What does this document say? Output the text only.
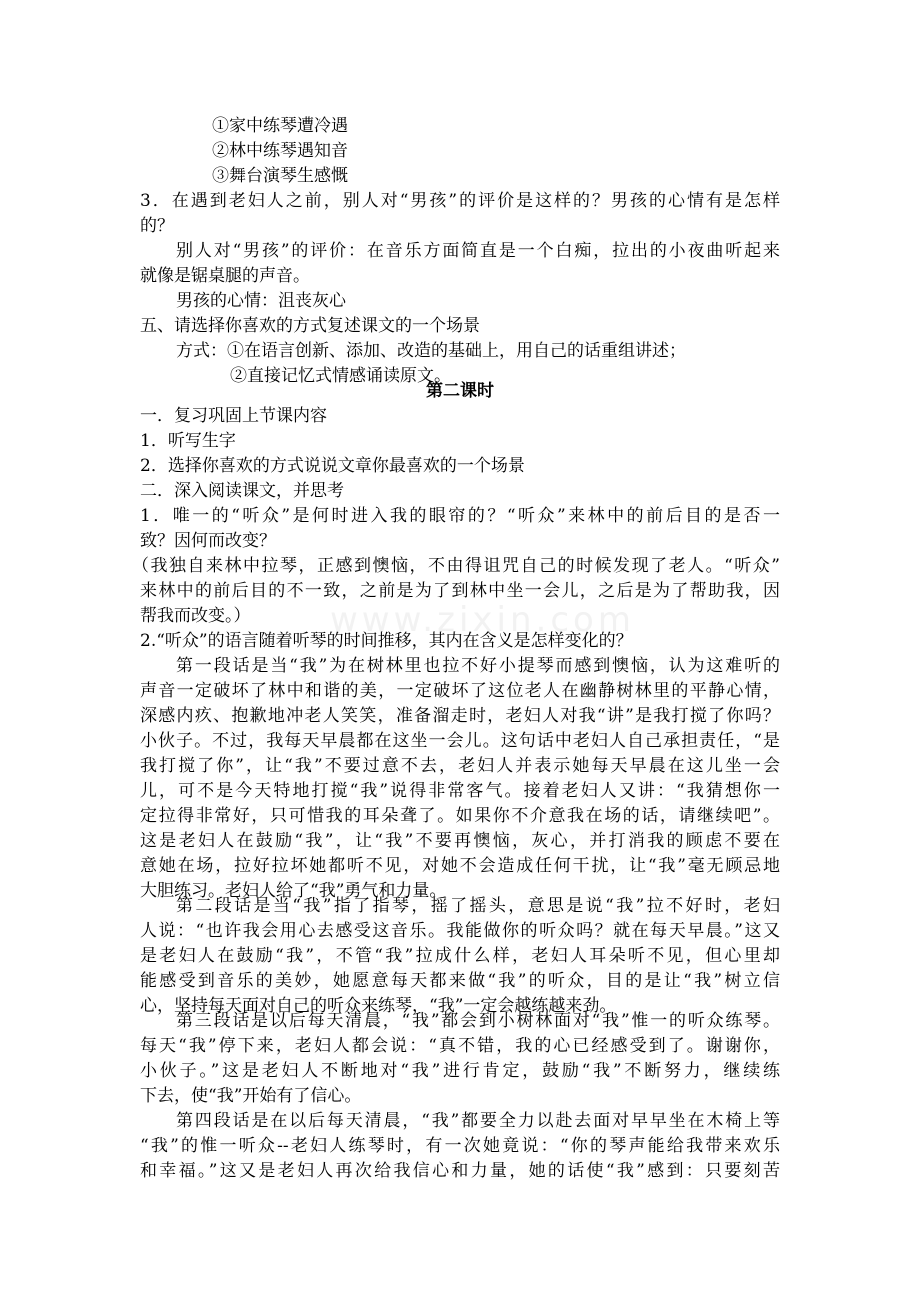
www.zixin.com
①家中练琴遭冷遇
②林中练琴遇知音
③舞台演琴生感慨
3．在遇到老妇人之前，别人对“男孩”的评价是这样的？男孩的心情有是怎样
的？
别人对“男孩”的评价：在音乐方面简直是一个白痴，拉出的小夜曲听起来
就像是锯桌腿的声音。
男孩的心情：沮丧灰心
五、请选择你喜欢的方式复述课文的一个场景
方式：①在语言创新、添加、改造的基础上，用自己的话重组讲述；
②直接记忆式情感诵读原文。
第二课时
一．复习巩固上节课内容
1．听写生字
2．选择你喜欢的方式说说文章你最喜欢的一个场景
二．深入阅读课文，并思考
1．唯一的“听众”是何时进入我的眼帘的？“听众”来林中的前后目的是否一
致？因何而改变？
（我独自来林中拉琴，正感到懊恼，不由得诅咒自己的时候发现了老人。“听众”
来林中的前后目的不一致，之前是为了到林中坐一会儿，之后是为了帮助我，因
帮我而改变。）
2.“听众”的语言随着听琴的时间推移，其内在含义是怎样变化的？
第一段话是当“我”为在树林里也拉不好小提琴而感到懊恼，认为这难听的
声音一定破坏了林中和谐的美，一定破坏了这位老人在幽静树林里的平静心情，
深感内疚、抱歉地冲老人笑笑，准备溜走时，老妇人对我“讲”是我打搅了你吗？
小伙子。不过，我每天早晨都在这坐一会儿。这句话中老妇人自己承担责任，“是
我打搅了你”，让“我”不要过意不去，老妇人并表示她每天早晨在这儿坐一会
儿，可不是今天特地打搅“我”说得非常客气。接着老妇人又讲：“我猜想你一
定拉得非常好，只可惜我的耳朵聋了。如果你不介意我在场的话，请继续吧”。
这是老妇人在鼓励“我”，让“我”不要再懊恼，灰心，并打消我的顾虑不要在
意她在场，拉好拉坏她都听不见，对她不会造成任何干扰，让“我”毫无顾忌地
大胆练习。老妇人给了“我”勇气和力量。
第二段话是当“我”指了指琴，摇了摇头，意思是说“我”拉不好时，老妇
人说：“也许我会用心去感受这音乐。我能做你的听众吗？就在每天早晨。”这又
是老妇人在鼓励“我”，不管“我”拉成什么样，老妇人耳朵听不见，但心里却
能感受到音乐的美妙，她愿意每天都来做“我”的听众，目的是让“我”树立信
心，坚持每天面对自己的听众来练琴，“我”一定会越练越来劲。
第三段话是以后每天清晨，“我”都会到小树林面对“我”惟一的听众练琴。
每天“我”停下来，老妇人都会说：“真不错，我的心已经感受到了。谢谢你，
小伙子。”这是老妇人不断地对“我”进行肯定，鼓励“我”不断努力，继续练
下去，使“我”开始有了信心。
第四段话是在以后每天清晨，“我”都要全力以赴去面对早早坐在木椅上等
“我”的惟一听众--老妇人练琴时，有一次她竟说：“你的琴声能给我带来欢乐
和幸福。”这又是老妇人再次给我信心和力量，她的话使“我”感到：只要刻苦
